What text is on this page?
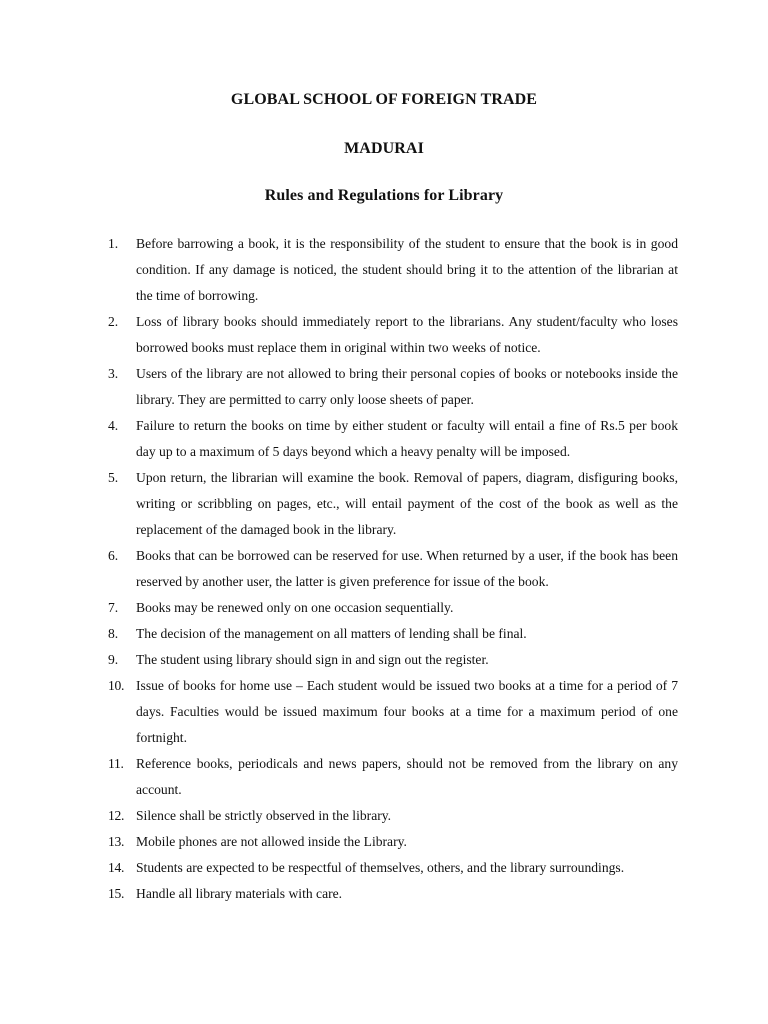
GLOBAL SCHOOL OF FOREIGN TRADE
MADURAI
Rules and Regulations for Library
1.	Before barrowing a book, it is the responsibility of the student to ensure that the book is in good condition. If any damage is noticed, the student should bring it to the attention of the librarian at the time of borrowing.
2.	Loss of library books should immediately report to the librarians. Any student/faculty who loses borrowed books must replace them in original within two weeks of notice.
3.	Users of the library are not allowed to bring their personal copies of books or notebooks inside the library. They are permitted to carry only loose sheets of paper.
4.	Failure to return the books on time by either student or faculty will entail a fine of Rs.5 per book day up to a maximum of 5 days beyond which a heavy penalty will be imposed.
5.	Upon return, the librarian will examine the book. Removal of papers, diagram, disfiguring books, writing or scribbling on pages, etc., will entail payment of the cost of the book as well as the replacement of the damaged book in the library.
6.	Books that can be borrowed can be reserved for use. When returned by a user, if the book has been reserved by another user, the latter is given preference for issue of the book.
7.	Books may be renewed only on one occasion sequentially.
8.	The decision of the management on all matters of lending shall be final.
9.	The student using library should sign in and sign out the register.
10. Issue of books for home use – Each student would be issued two books at a time for a period of 7 days. Faculties would be issued maximum four books at a time for a maximum period of one fortnight.
11. Reference books, periodicals and news papers, should not be removed from the library on any account.
12. Silence shall be strictly observed in the library.
13. Mobile phones are not allowed inside the Library.
14. Students are expected to be respectful of themselves, others, and the library surroundings.
15. Handle all library materials with care.
